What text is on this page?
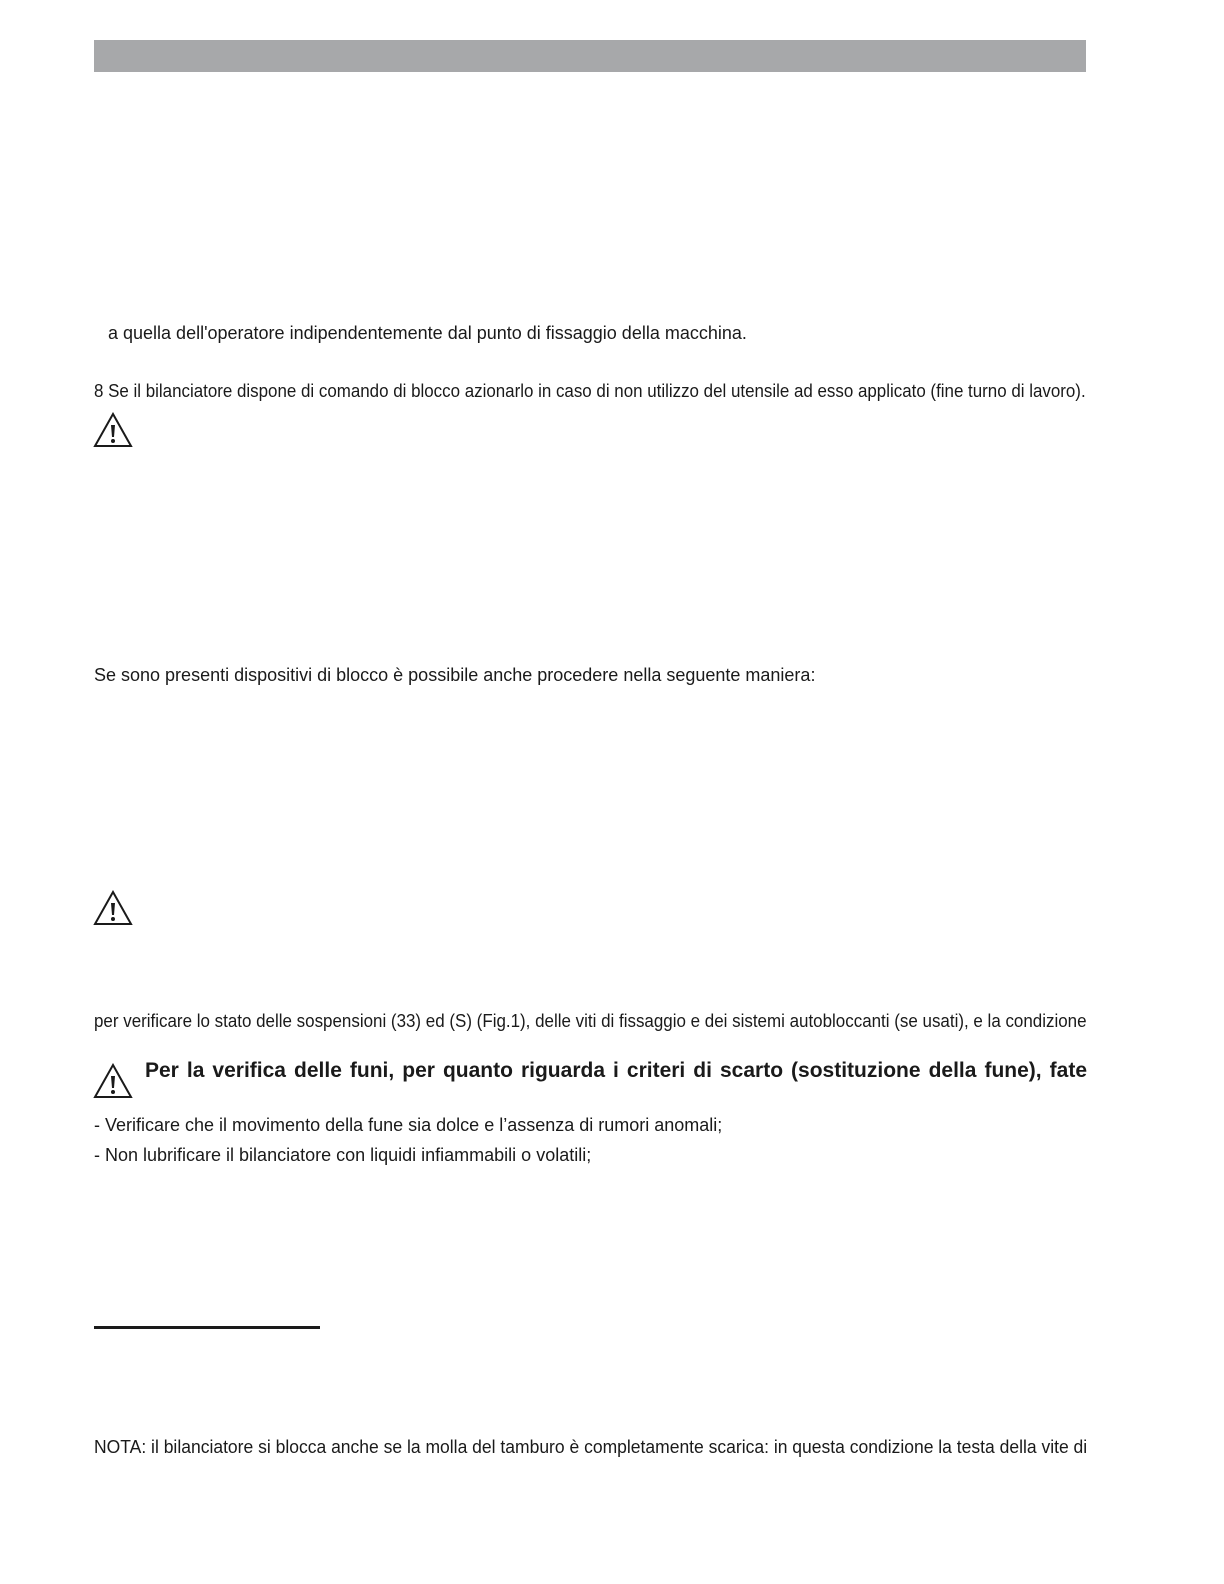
a quella dell'operatore indipendentemente dal punto di fissaggio della macchina.
8 Se il bilanciatore dispone di comando di blocco azionarlo in caso di non utilizzo del utensile ad esso applicato (fine turno di lavoro).
Se sono presenti dispositivi di blocco è possibile anche procedere nella seguente maniera:
per verificare lo stato delle sospensioni (33) ed (S) (Fig.1), delle viti di fissaggio e dei sistemi autobloccanti (se usati), e la condizione
Per la verifica delle funi, per quanto riguarda i criteri di scarto (sostituzione della fune), fate
- Verificare che il movimento della fune sia dolce e l’assenza di rumori anomali;
- Non lubrificare il bilanciatore con liquidi infiammabili o volatili;
NOTA: il bilanciatore si blocca anche se la molla del tamburo è completamente scarica: in questa condizione la testa della vite di
